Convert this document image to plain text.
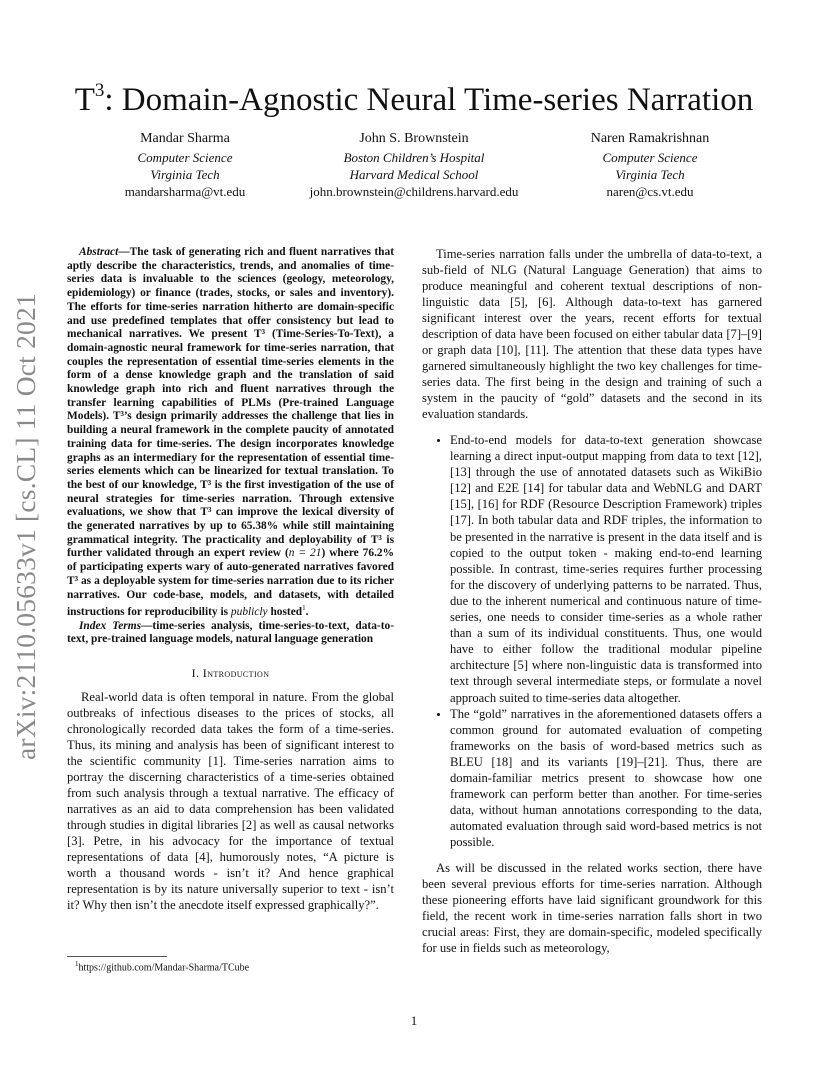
arXiv:2110.05633v1 [cs.CL] 11 Oct 2021
$T^3$: Domain-Agnostic Neural Time-series Narration
Mandar Sharma
Computer Science
Virginia Tech
mandarsharma@vt.edu
John S. Brownstein
Boston Children’s Hospital
Harvard Medical School
john.brownstein@childrens.harvard.edu
Naren Ramakrishnan
Computer Science
Virginia Tech
naren@cs.vt.edu

Abstract—The task of generating rich and fluent narratives that aptly describe the characteristics, trends, and anomalies of time-series data is invaluable to the sciences (geology, meteorology, epidemiology) or finance (trades, stocks, or sales and inventory). The efforts for time-series narration hitherto are domain-specific and use predefined templates that offer consistency but lead to mechanical narratives. We present T³ (Time-Series-To-Text), a domain-agnostic neural framework for time-series narration, that couples the representation of essential time-series elements in the form of a dense knowledge graph and the translation of said knowledge graph into rich and fluent narratives through the transfer learning capabilities of PLMs (Pre-trained Language Models). T³’s design primarily addresses the challenge that lies in building a neural framework in the complete paucity of annotated training data for time-series. The design incorporates knowledge graphs as an intermediary for the representation of essential time-series elements which can be linearized for textual translation. To the best of our knowledge, T³ is the first investigation of the use of neural strategies for time-series narration. Through extensive evaluations, we show that T³ can improve the lexical diversity of the generated narratives by up to 65.38% while still maintaining grammatical integrity. The practicality and deployability of T³ is further validated through an expert review (n = 21) where 76.2% of participating experts wary of auto-generated narratives favored T³ as a deployable system for time-series narration due to its richer narratives. Our code-base, models, and datasets, with detailed instructions for reproducibility is publicly hosted$^1$.

Index Terms—time-series analysis, time-series-to-text, data-to-text, pre-trained language models, natural language generation

I. Introduction

Real-world data is often temporal in nature. From the global outbreaks of infectious diseases to the prices of stocks, all chronologically recorded data takes the form of a time-series. Thus, its mining and analysis has been of significant interest to the scientific community [1]. Time-series narration aims to portray the discerning characteristics of a time-series obtained from such analysis through a textual narrative. The efficacy of narratives as an aid to data comprehension has been validated through studies in digital libraries [2] as well as causal networks [3]. Petre, in his advocacy for the importance of textual representations of data [4], humorously notes, “A picture is worth a thousand words - isn’t it? And hence graphical representation is by its nature universally superior to text - isn’t it? Why then isn’t the anecdote itself expressed graphically?”.

$^1$https://github.com/Mandar-Sharma/TCube

Time-series narration falls under the umbrella of data-to-text, a sub-field of NLG (Natural Language Generation) that aims to produce meaningful and coherent textual descriptions of non-linguistic data [5], [6]. Although data-to-text has garnered significant interest over the years, recent efforts for textual description of data have been focused on either tabular data [7]–[9] or graph data [10], [11]. The attention that these data types have garnered simultaneously highlight the two key challenges for time-series data. The first being in the design and training of such a system in the paucity of “gold” datasets and the second in its evaluation standards.

• End-to-end models for data-to-text generation showcase learning a direct input-output mapping from data to text [12], [13] through the use of annotated datasets such as WikiBio [12] and E2E [14] for tabular data and WebNLG and DART [15], [16] for RDF (Resource Description Framework) triples [17]. In both tabular data and RDF triples, the information to be presented in the narrative is present in the data itself and is copied to the output token - making end-to-end learning possible. In contrast, time-series requires further processing for the discovery of underlying patterns to be narrated. Thus, due to the inherent numerical and continuous nature of time-series, one needs to consider time-series as a whole rather than a sum of its individual constituents. Thus, one would have to either follow the traditional modular pipeline architecture [5] where non-linguistic data is transformed into text through several intermediate steps, or formulate a novel approach suited to time-series data altogether.
• The “gold” narratives in the aforementioned datasets offers a common ground for automated evaluation of competing frameworks on the basis of word-based metrics such as BLEU [18] and its variants [19]–[21]. Thus, there are domain-familiar metrics present to showcase how one framework can perform better than another. For time-series data, without human annotations corresponding to the data, automated evaluation through said word-based metrics is not possible.

As will be discussed in the related works section, there have been several previous efforts for time-series narration. Although these pioneering efforts have laid significant groundwork for this field, the recent work in time-series narration falls short in two crucial areas: First, they are domain-specific, modeled specifically for use in fields such as meteorology,

1
